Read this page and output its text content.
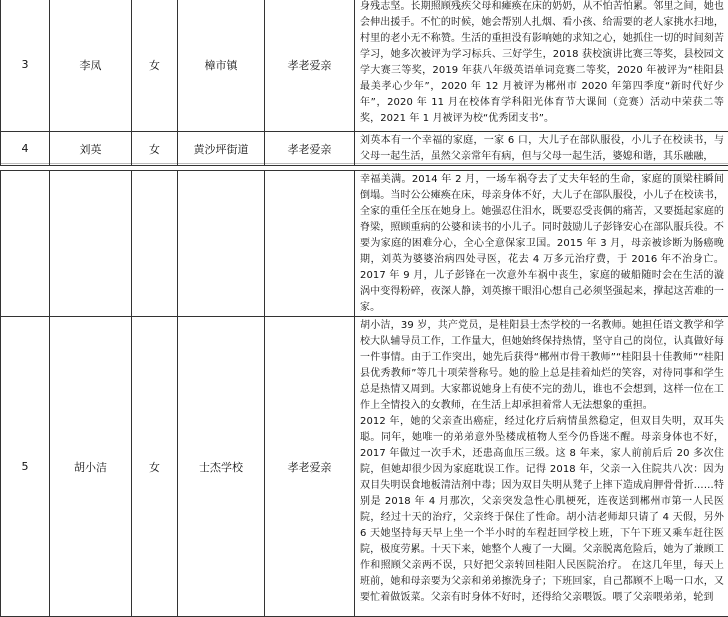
3	李凤	女	樟市镇	孝老爱亲	身残志坚。长期照顾残疾父母和瘫痪在床的奶奶，从不怕苦怕累。邻里之间，她也会伸出援手。不忙的时候，她会帮别人扎烟、看小孩、给需要的老人家挑水扫地，村里的老小无不称赞。生活的重担没有影响她的求知之心，她抓住一切的时间刻苦学习，她多次被评为学习标兵、三好学生，2018 获校演讲比赛三等奖，县校园文学大赛三等奖，2019 年获八年级英语单词竞赛二等奖，2020 年被评为“桂阳县最美孝心少年”，2020 年 12 月被评为郴州市 2020 年第四季度“新时代好少年”，2020 年 11 月在校体育学科阳光体育节大课间（竞赛）活动中荣获二等奖，2021 年 1 月被评为校“优秀团支书”。
4	刘英	女	黄沙坪街道	孝老爱亲	刘英本有一个幸福的家庭，一家 6 口，大儿子在部队服役，小儿子在校读书，与父母一起生活，虽然父亲常年有病，但与父母一起生活，婆媳和谐，其乐融融，
					幸福美满。2014 年 2 月，一场车祸夺去了丈夫年轻的生命，家庭的顶梁柱瞬间倒塌。当时公公瘫痪在床，母亲身体不好，大儿子在部队服役，小儿子在校读书，全家的重任全压在她身上。她强忍住泪水，既要忍受丧偶的痛苦，又要挺起家庭的脊梁，照顾重病的公婆和读书的小儿子。同时鼓励儿子彭锋安心在部队服兵役。不要为家庭的困难分心，全心全意保家卫国。2015 年 3 月，母亲被诊断为肠癌晚期，刘英为婆婆治病四处寻医，花去 4 万多元治疗费，于 2016 年不治身亡。2017 年 9 月，儿子彭锋在一次意外车祸中丧生，家庭的破船随时会在生活的漩涡中变得粉碎，夜深人静，刘英擦干眼泪心想自己必须坚强起来，撑起这苦难的一家。
5	胡小洁	女	士杰学校	孝老爱亲	胡小洁，39 岁，共产党员，是桂阳县士杰学校的一名教师。她担任语文教学和学校大队辅导员工作，工作量大，但她始终保持热情，坚守自己的岗位，认真做好每一件事情。由于工作突出，她先后获得“郴州市骨干教师”“桂阳县十佳教师”“桂阳县优秀教师”等几十项荣誉称号。她的脸上总是挂着灿烂的笑容，对待同事和学生总是热情又周到。大家都说她身上有使不完的劲儿，谁也不会想到，这样一位在工作上全情投入的女教师，在生活上却承担着常人无法想象的重担。
2012 年，她的父亲查出癌症，经过化疗后病情虽然稳定，但双目失明，双耳失聪。同年，她唯一的弟弟意外坠楼成植物人至今仍昏迷不醒。母亲身体也不好，2017 年做过一次手术，还患高血压三级。这 8 年来，家人前前后后 20 多次住院，但她却很少因为家庭耽误工作。记得 2018 年，父亲一入住院共八次：因为双目失明误食地板清洁剂中毒；因为双目失明从凳子上摔下造成肩胛骨骨折……特别是 2018 年 4 月那次，父亲突发急性心肌梗死，连夜送到郴州市第一人民医院，经过十天的治疗，父亲终于保住了性命。胡小洁老师却只请了 4 天假，另外 6 天她坚持每天早上坐一个半小时的车程赶回学校上班，下午下班又乘车赶往医院，极度劳累。十天下来，她整个人瘦了一大圈。父亲脱离危险后，她为了兼顾工作和照顾父亲两不误，只好把父亲转回桂阳人民医院治疗。 在这几年里，每天上班前，她和母亲要为父亲和弟弟擦洗身子；下班回家，自己都顾不上喝一口水，又要忙着做饭菜。父亲有时身体不好时，还得给父亲喂饭。喂了父亲喂弟弟，轮到
